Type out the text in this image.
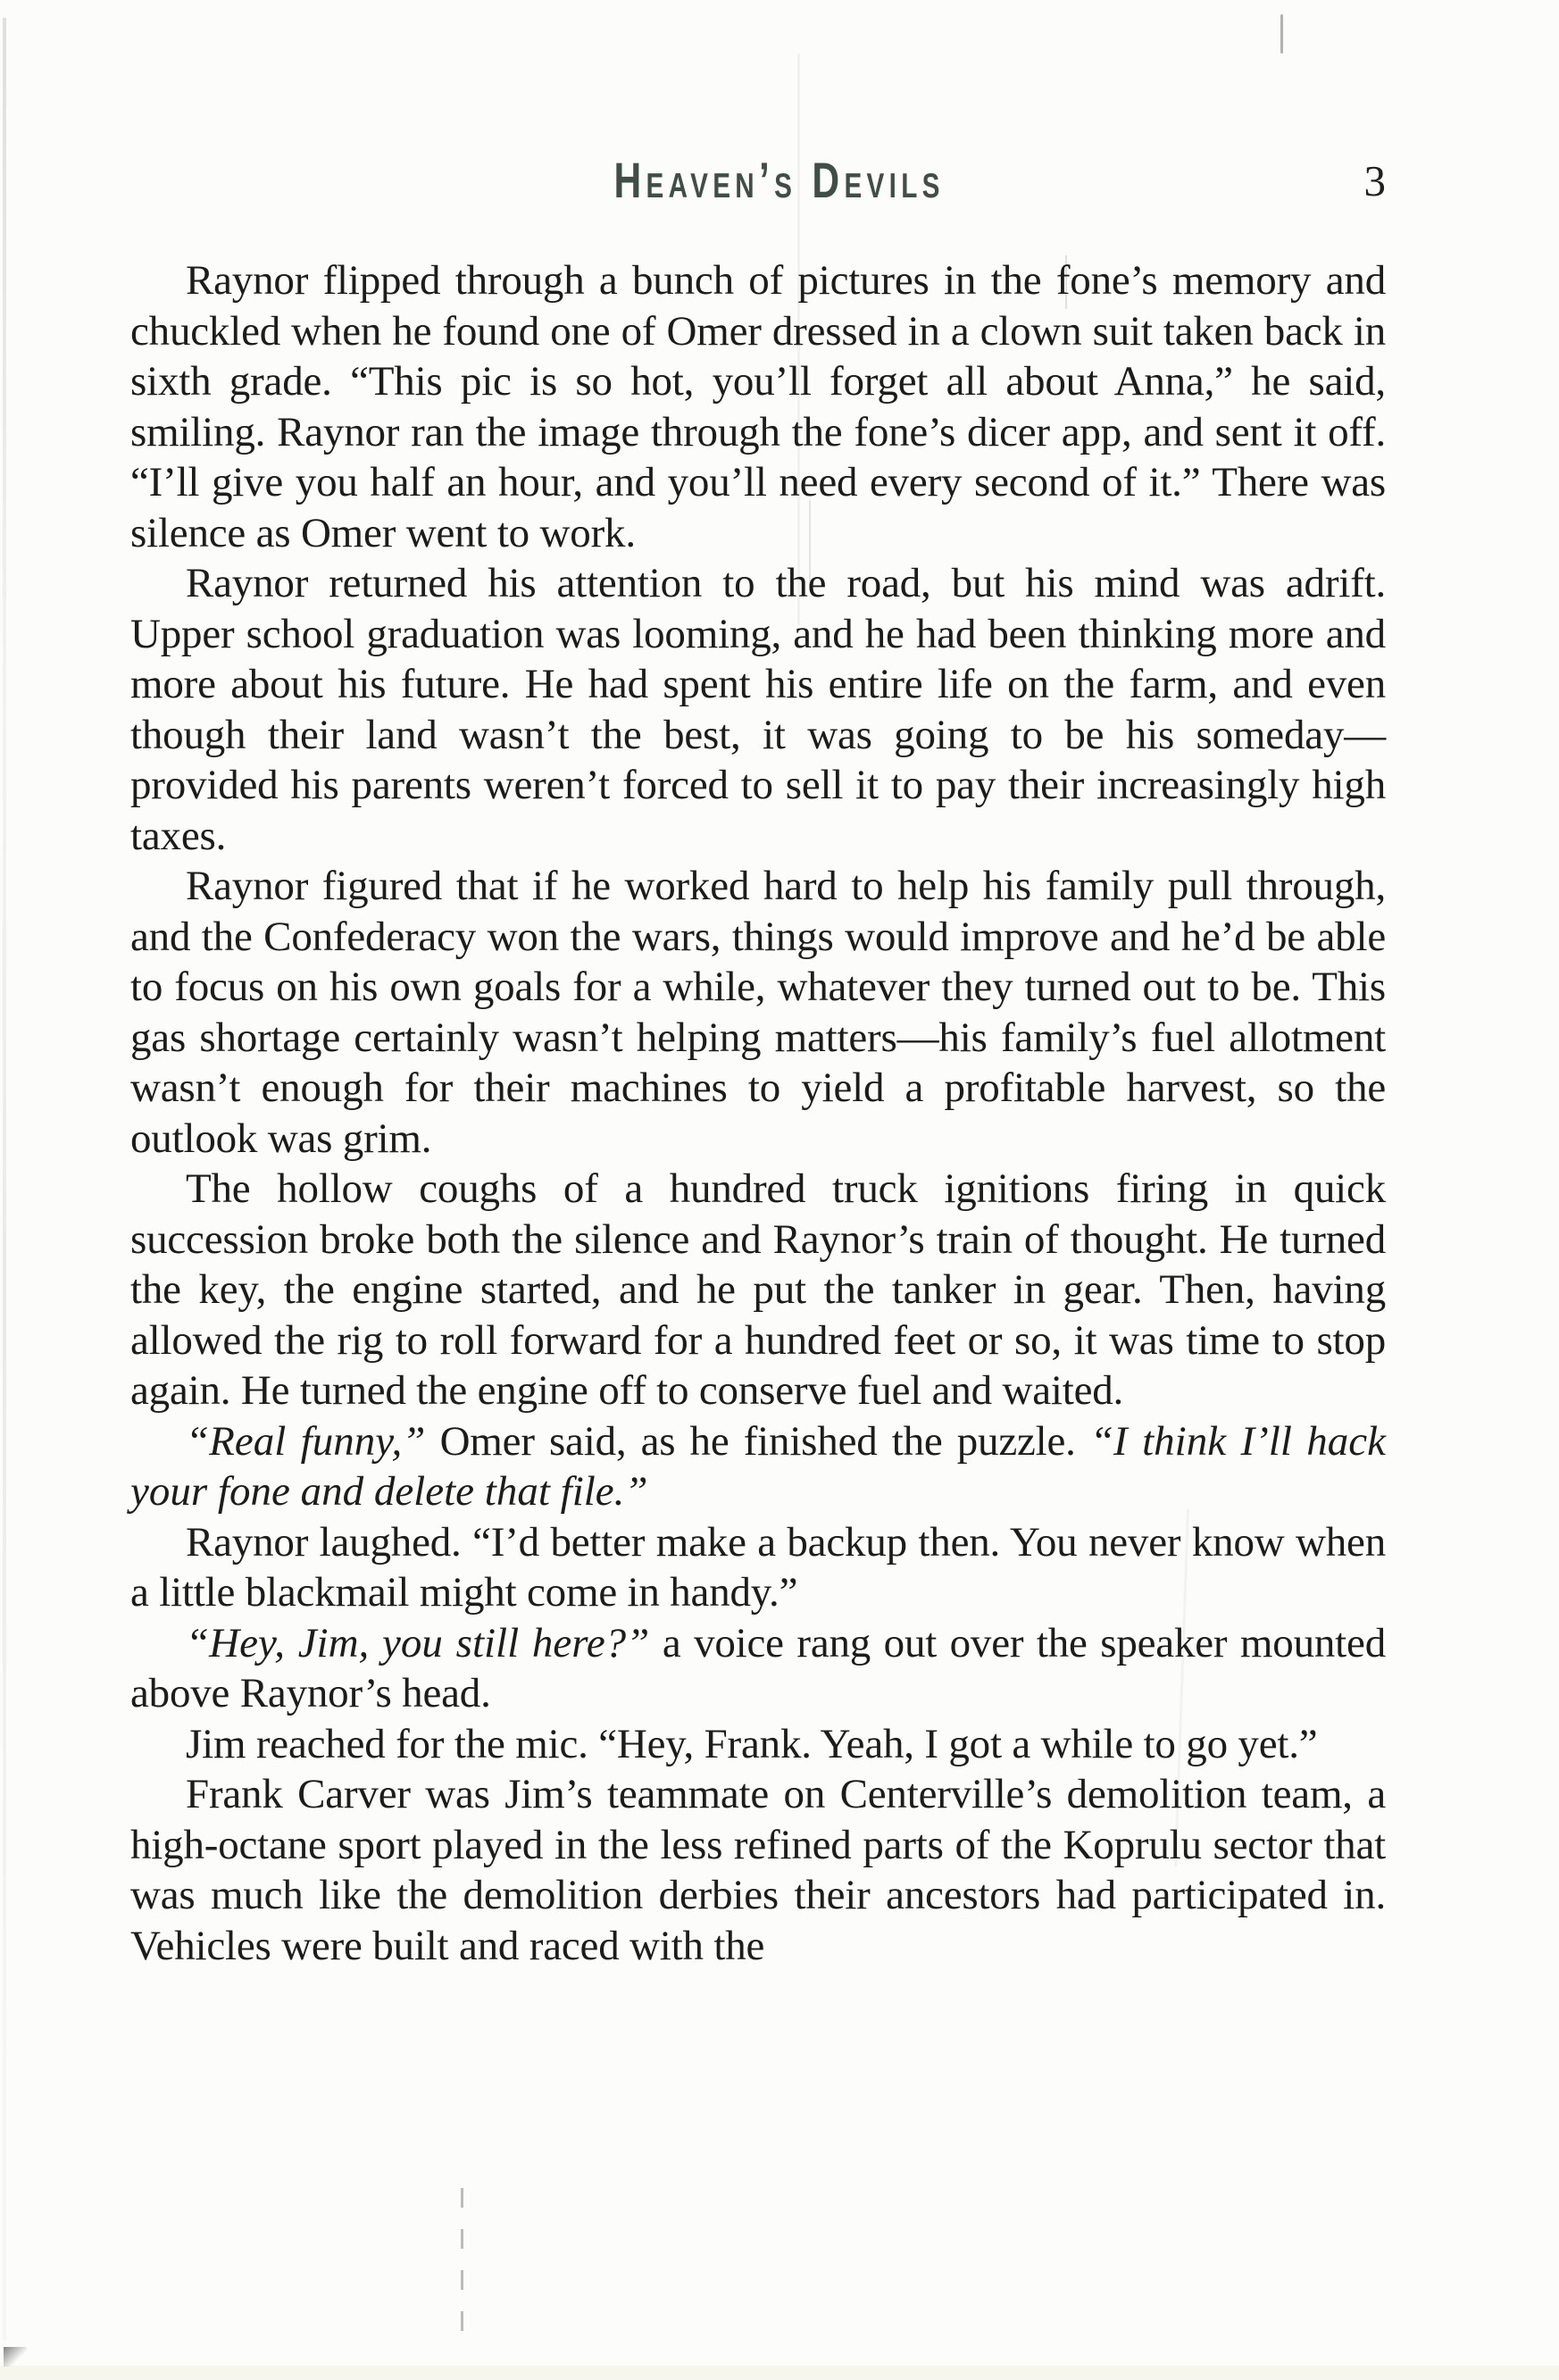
Heaven’s Devils	3

Raynor flipped through a bunch of pictures in the fone’s memory and chuckled when he found one of Omer dressed in a clown suit taken back in sixth grade. “This pic is so hot, you’ll forget all about Anna,” he said, smiling. Raynor ran the image through the fone’s dicer app, and sent it off. “I’ll give you half an hour, and you’ll need every second of it.” There was silence as Omer went to work.

Raynor returned his attention to the road, but his mind was adrift. Upper school graduation was looming, and he had been thinking more and more about his future. He had spent his entire life on the farm, and even though their land wasn’t the best, it was going to be his someday—provided his parents weren’t forced to sell it to pay their increasingly high taxes.

Raynor figured that if he worked hard to help his family pull through, and the Confederacy won the wars, things would improve and he’d be able to focus on his own goals for a while, whatever they turned out to be. This gas shortage certainly wasn’t helping matters—his family’s fuel allotment wasn’t enough for their machines to yield a profitable harvest, so the outlook was grim.

The hollow coughs of a hundred truck ignitions firing in quick succession broke both the silence and Raynor’s train of thought. He turned the key, the engine started, and he put the tanker in gear. Then, having allowed the rig to roll forward for a hundred feet or so, it was time to stop again. He turned the engine off to conserve fuel and waited.

“Real funny,” Omer said, as he finished the puzzle. “I think I’ll hack your fone and delete that file.”

Raynor laughed. “I’d better make a backup then. You never know when a little blackmail might come in handy.”

“Hey, Jim, you still here?” a voice rang out over the speaker mounted above Raynor’s head.

Jim reached for the mic. “Hey, Frank. Yeah, I got a while to go yet.”

Frank Carver was Jim’s teammate on Centerville’s demolition team, a high-octane sport played in the less refined parts of the Koprulu sector that was much like the demolition derbies their ancestors had participated in. Vehicles were built and raced with the
